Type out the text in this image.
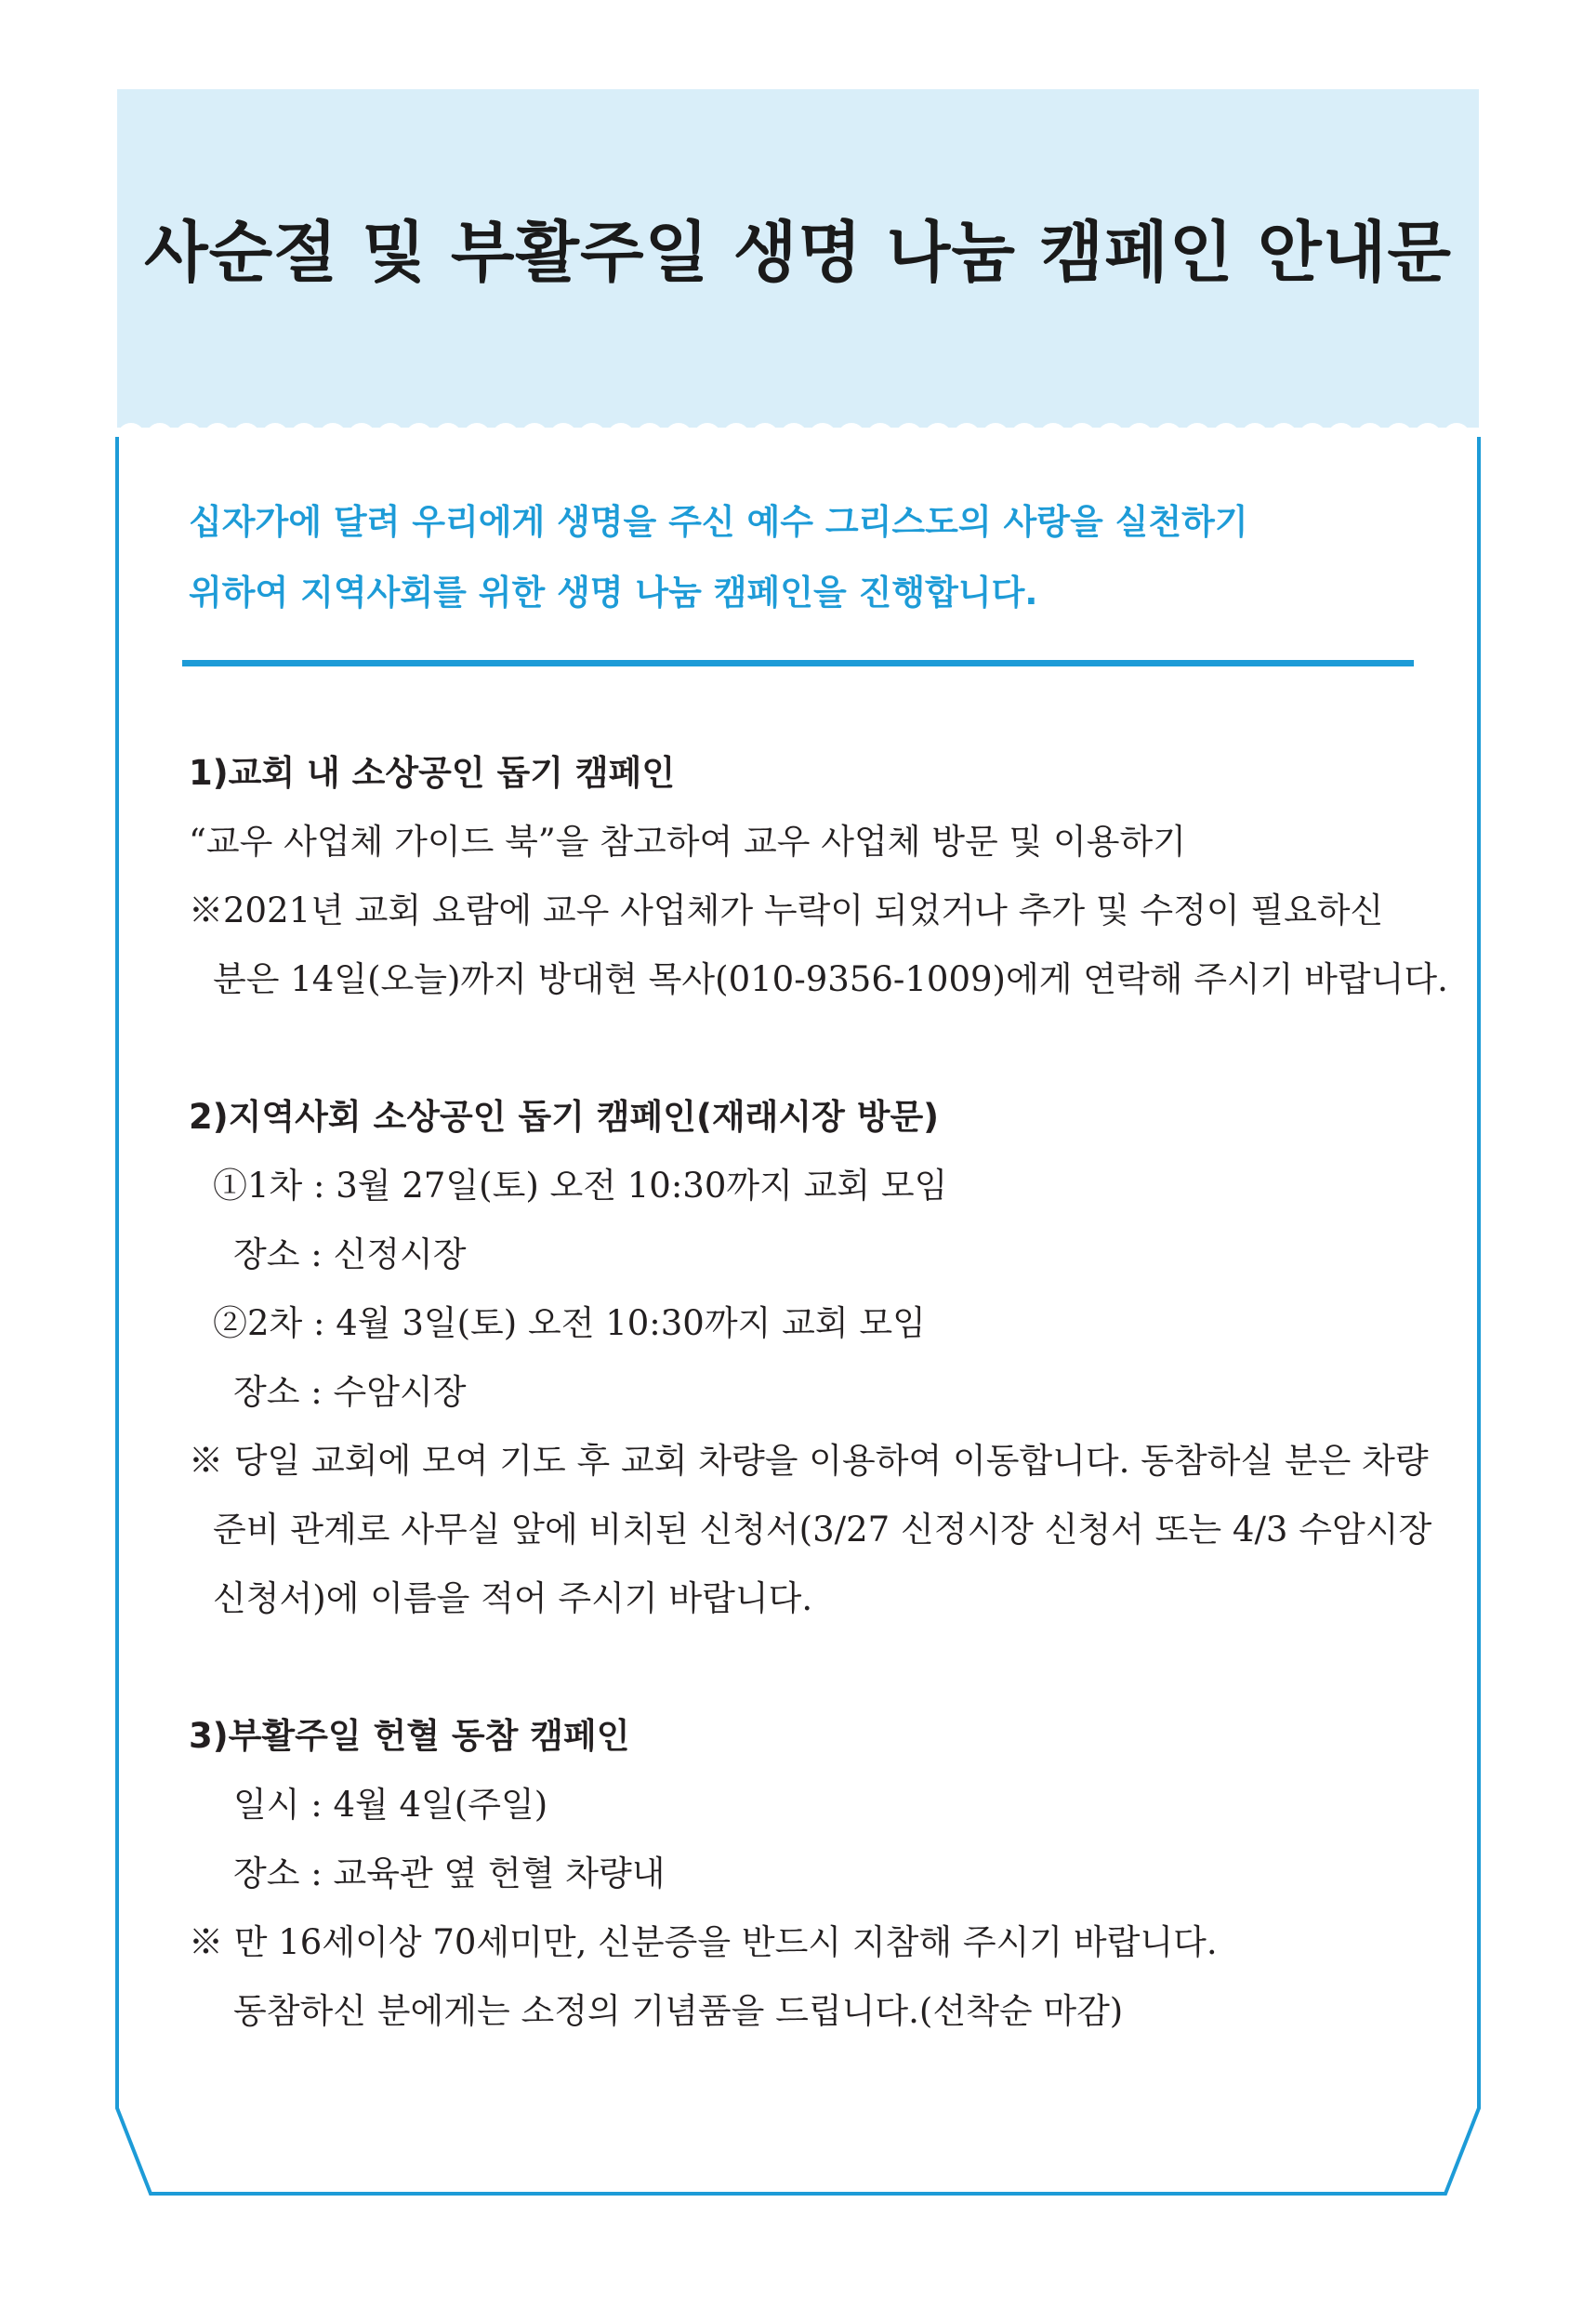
사순절 및 부활주일 생명 나눔 캠페인 안내문
십자가에 달려 우리에게 생명을 주신 예수 그리스도의 사랑을 실천하기
위하여 지역사회를 위한 생명 나눔 캠페인을 진행합니다.
1)교회 내 소상공인 돕기 캠페인
“교우 사업체 가이드 북”을 참고하여 교우 사업체 방문 및 이용하기
※2021년 교회 요람에 교우 사업체가 누락이 되었거나 추가 및 수정이 필요하신
분은 14일(오늘)까지 방대현 목사(010-9356-1009)에게 연락해 주시기 바랍니다.
2)지역사회 소상공인 돕기 캠페인(재래시장 방문)
①1차 : 3월 27일(토) 오전 10:30까지 교회 모임
장소 : 신정시장
②2차 : 4월 3일(토) 오전 10:30까지 교회 모임
장소 : 수암시장
※ 당일 교회에 모여 기도 후 교회 차량을 이용하여 이동합니다. 동참하실 분은 차량
준비 관계로 사무실 앞에 비치된 신청서(3/27 신정시장 신청서 또는 4/3 수암시장
신청서)에 이름을 적어 주시기 바랍니다.
3)부활주일 헌혈 동참 캠페인
일시 : 4월 4일(주일)
장소 : 교육관 옆 헌혈 차량내
※ 만 16세이상 70세미만, 신분증을 반드시 지참해 주시기 바랍니다.
동참하신 분에게는 소정의 기념품을 드립니다.(선착순 마감)
